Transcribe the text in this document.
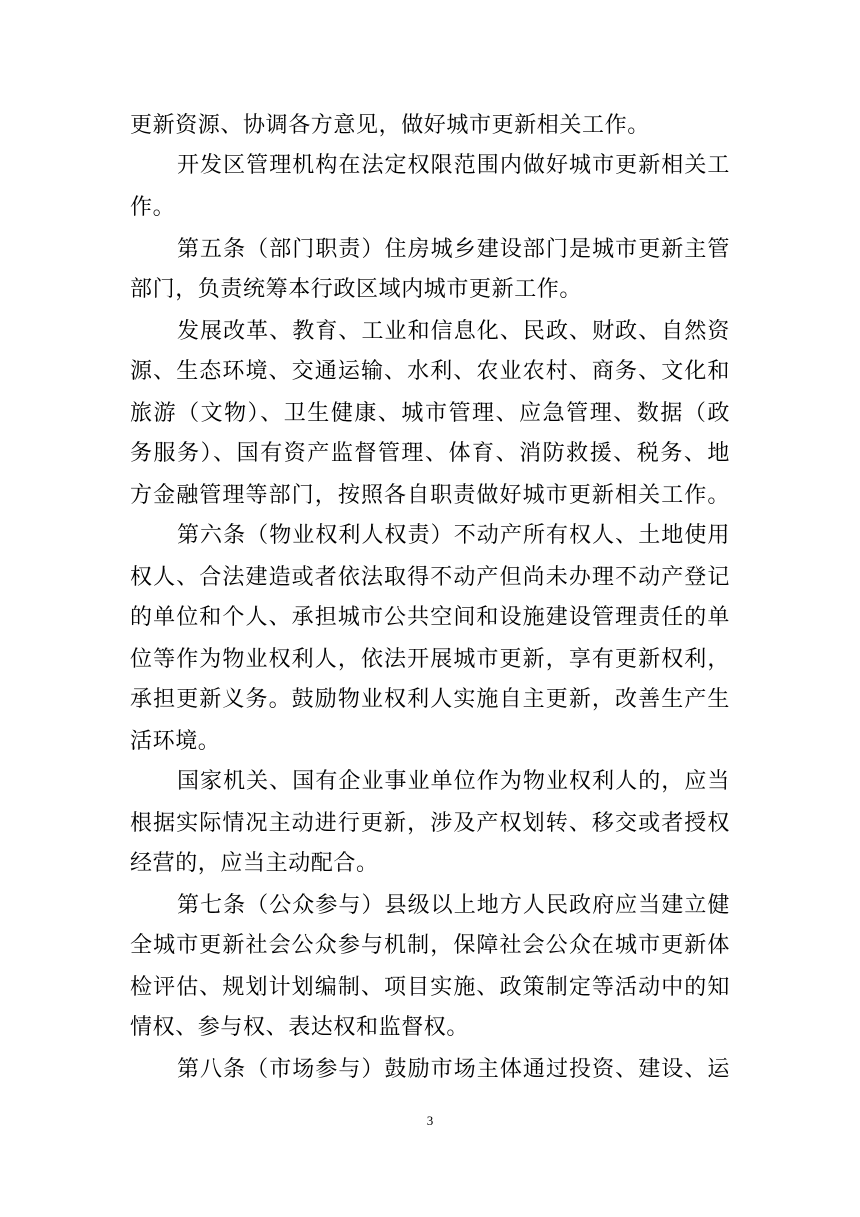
更新资源、协调各方意见，做好城市更新相关工作。
开发区管理机构在法定权限范围内做好城市更新相关工
作。
第五条（部门职责）住房城乡建设部门是城市更新主管
部门，负责统筹本行政区域内城市更新工作。
发展改革、教育、工业和信息化、民政、财政、自然资
源、生态环境、交通运输、水利、农业农村、商务、文化和
旅游（文物）、卫生健康、城市管理、应急管理、数据（政
务服务）、国有资产监督管理、体育、消防救援、税务、地
方金融管理等部门，按照各自职责做好城市更新相关工作。
第六条（物业权利人权责）不动产所有权人、土地使用
权人、合法建造或者依法取得不动产但尚未办理不动产登记
的单位和个人、承担城市公共空间和设施建设管理责任的单
位等作为物业权利人，依法开展城市更新，享有更新权利，
承担更新义务。鼓励物业权利人实施自主更新，改善生产生
活环境。
国家机关、国有企业事业单位作为物业权利人的，应当
根据实际情况主动进行更新，涉及产权划转、移交或者授权
经营的，应当主动配合。
第七条（公众参与）县级以上地方人民政府应当建立健
全城市更新社会公众参与机制，保障社会公众在城市更新体
检评估、规划计划编制、项目实施、政策制定等活动中的知
情权、参与权、表达权和监督权。
第八条（市场参与）鼓励市场主体通过投资、建设、运
3
